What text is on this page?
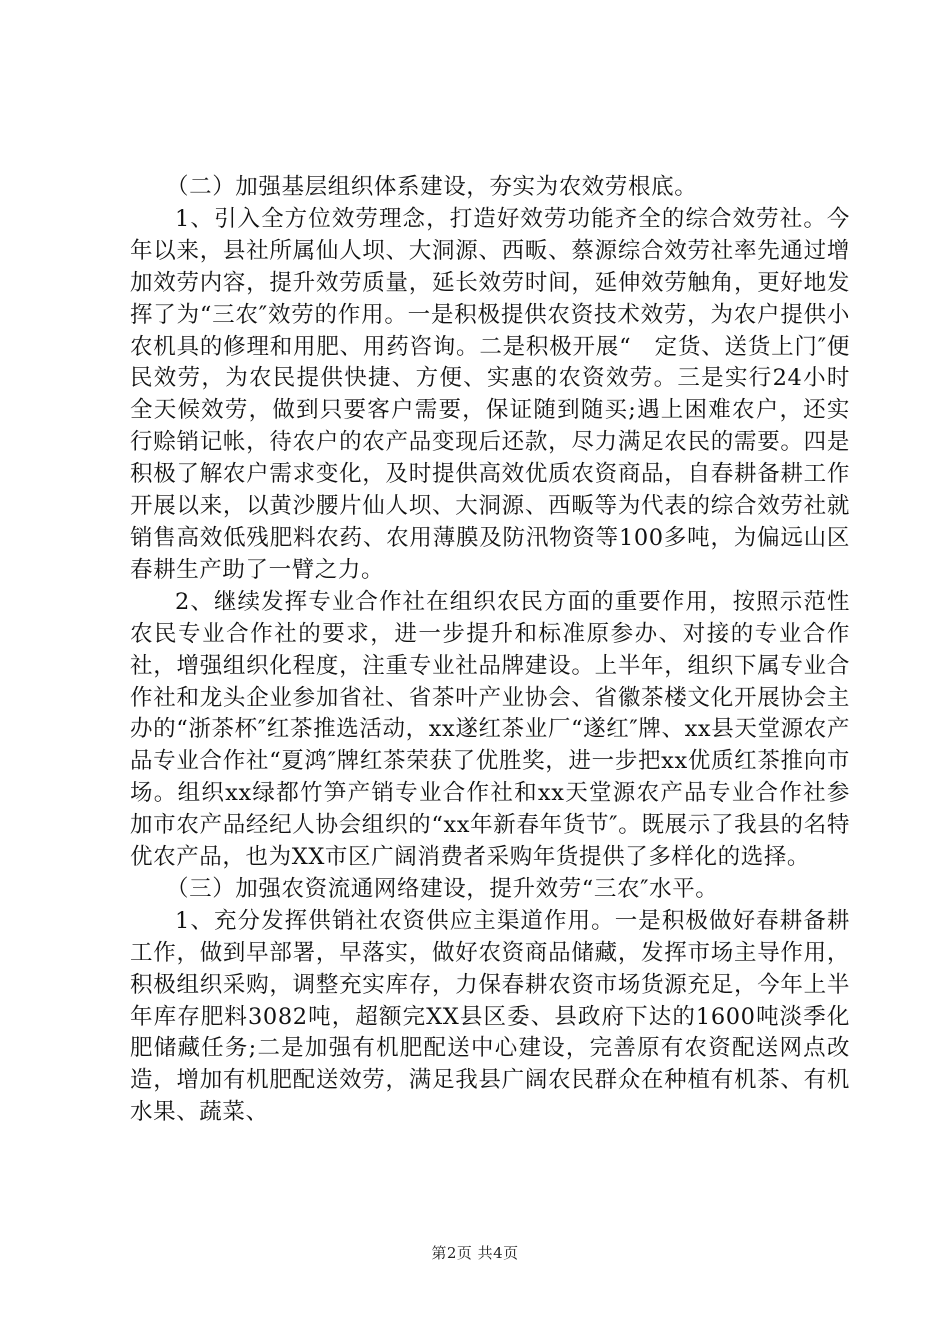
（二）加强基层组织体系建设，夯实为农效劳根底。

1、引入全方位效劳理念，打造好效劳功能齐全的综合效劳社。今年以来，县社所属仙人坝、大洞源、西畈、蔡源综合效劳社率先通过增加效劳内容，提升效劳质量，延长效劳时间，延伸效劳触角，更好地发挥了为“三农″效劳的作用。一是积极提供农资技术效劳，为农户提供小农机具的修理和用肥、用药咨询。二是积极开展“　定货、送货上门″便民效劳，为农民提供快捷、方便、实惠的农资效劳。三是实行24小时全天候效劳，做到只要客户需要，保证随到随买;遇上困难农户，还实行赊销记帐，待农户的农产品变现后还款，尽力满足农民的需要。四是积极了解农户需求变化，及时提供高效优质农资商品，自春耕备耕工作开展以来，以黄沙腰片仙人坝、大洞源、西畈等为代表的综合效劳社就销售高效低残肥料农药、农用薄膜及防汛物资等100多吨，为偏远山区春耕生产助了一臂之力。

2、继续发挥专业合作社在组织农民方面的重要作用，按照示范性农民专业合作社的要求，进一步提升和标准原参办、对接的专业合作社，增强组织化程度，注重专业社品牌建设。上半年，组织下属专业合作社和龙头企业参加省社、省茶叶产业协会、省徽茶楼文化开展协会主办的“浙茶杯″红茶推选活动，xx遂红茶业厂“遂红″牌、xx县天堂源农产品专业合作社“夏鸿″牌红茶荣获了优胜奖，进一步把xx优质红茶推向市场。组织xx绿都竹笋产销专业合作社和xx天堂源农产品专业合作社参加市农产品经纪人协会组织的“xx年新春年货节″。既展示了我县的名特优农产品，也为XX市区广阔消费者采购年货提供了多样化的选择。

（三）加强农资流通网络建设，提升效劳“三农″水平。

1、充分发挥供销社农资供应主渠道作用。一是积极做好春耕备耕工作，做到早部署，早落实，做好农资商品储藏，发挥市场主导作用，积极组织采购，调整充实库存，力保春耕农资市场货源充足，今年上半年库存肥料3082吨，超额完XX县区委、县政府下达的1600吨淡季化肥储藏任务;二是加强有机肥配送中心建设，完善原有农资配送网点改造，增加有机肥配送效劳，满足我县广阔农民群众在种植有机茶、有机水果、蔬菜、

第2页 共4页
